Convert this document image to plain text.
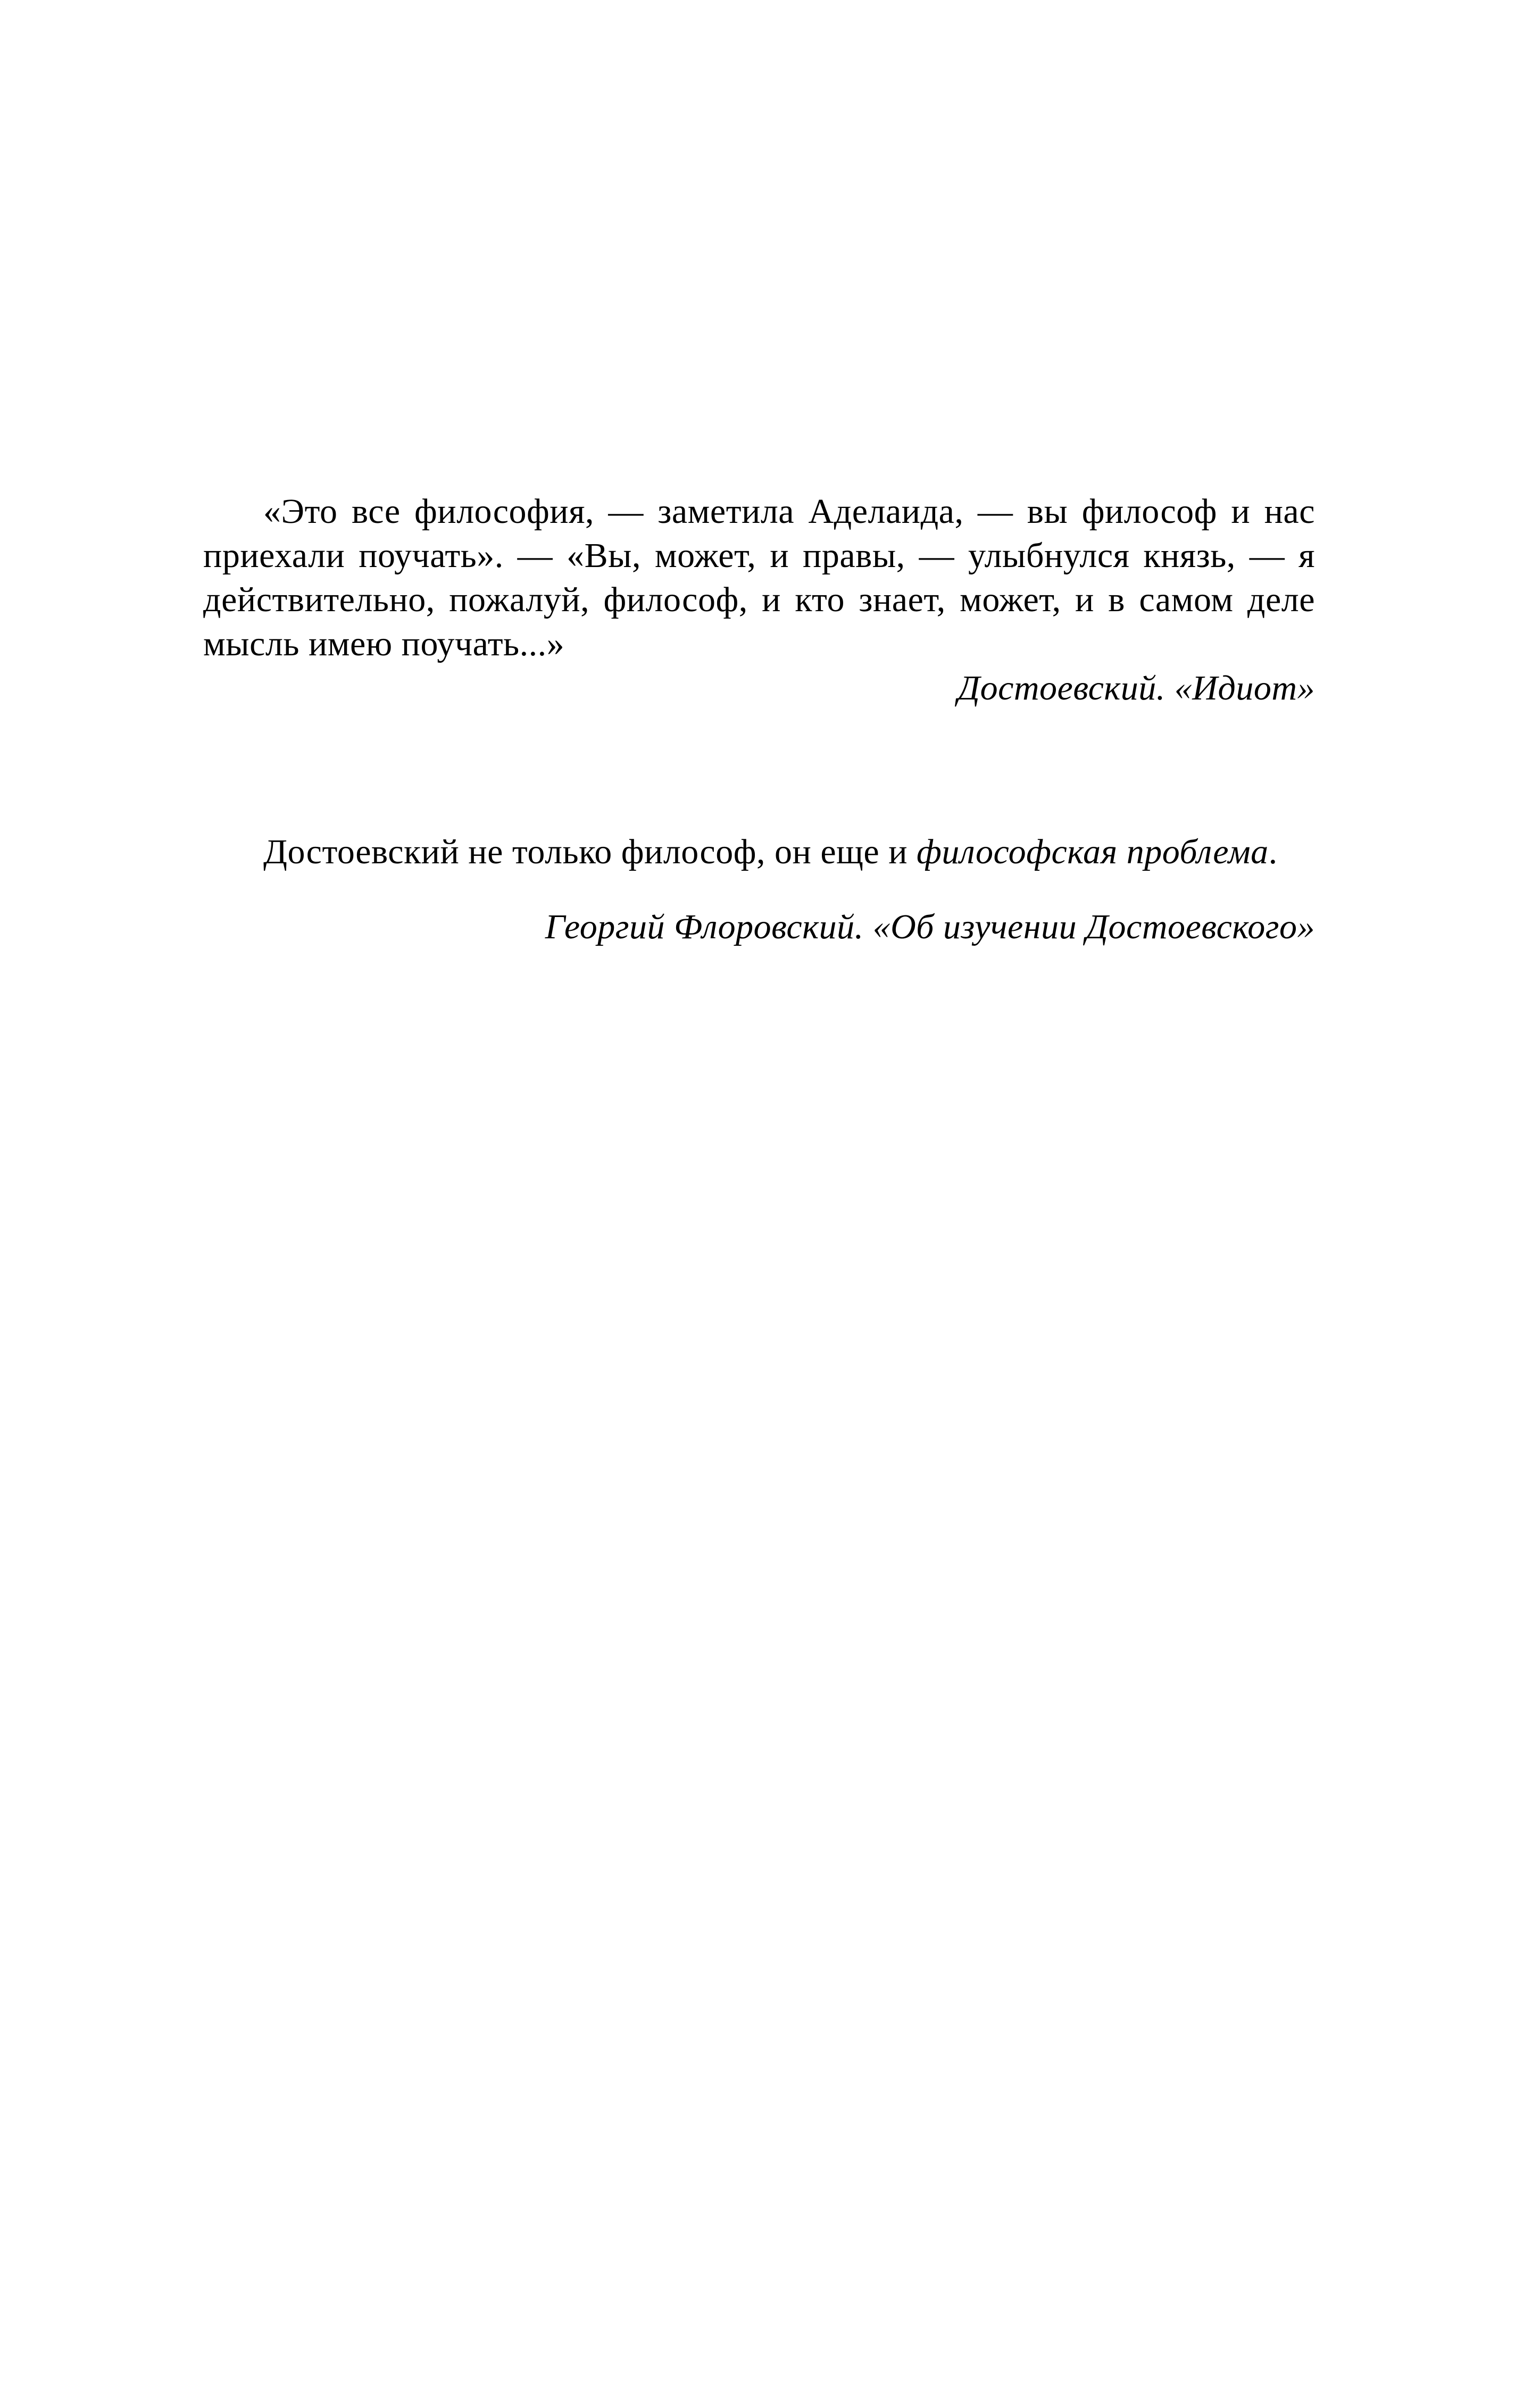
«Это все философия, — заметила Аделаида, — вы философ и нас приехали поучать». — «Вы, может, и правы, — улыбнулся князь, — я действительно, пожалуй, философ, и кто знает, может, и в самом деле мысль имею поучать...»

Достоевский. «Идиот»

Достоевский не только философ, он еще и философская проблема.

Георгий Флоровский. «Об изучении Достоевского»
